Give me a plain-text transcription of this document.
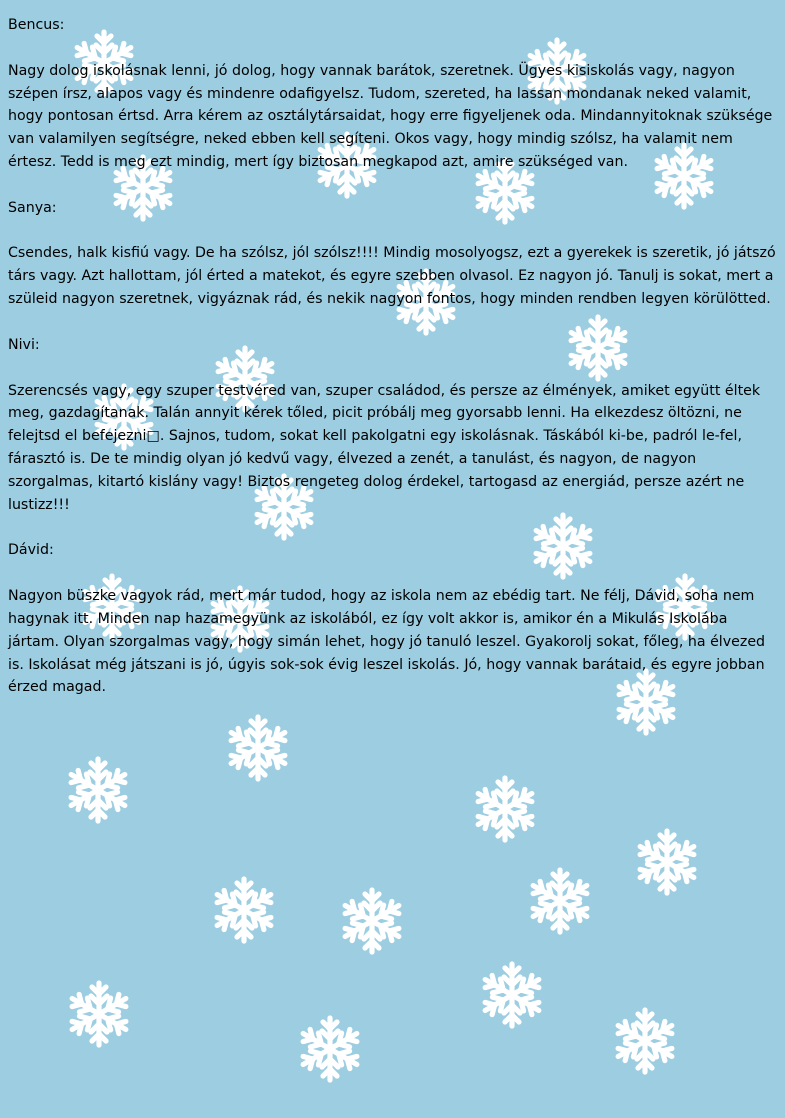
Bencus:

Nagy dolog iskolásnak lenni, jó dolog, hogy vannak barátok, szeretnek. Ügyes kisiskolás vagy, nagyon szépen írsz, alapos vagy és mindenre odafigyelsz. Tudom, szereted, ha lassan mondanak neked valamit, hogy pontosan értsd. Arra kérem az osztálytársaidat, hogy erre figyeljenek oda. Mindannyitoknak szüksége van valamilyen segítségre, neked ebben kell segíteni. Okos vagy, hogy mindig szólsz, ha valamit nem értesz. Tedd is meg ezt mindig, mert így biztosan megkapod azt, amire szükséged van.

Sanya:

Csendes, halk kisfiú vagy. De ha szólsz, jól szólsz!!!! Mindig mosolyogsz, ezt a gyerekek is szeretik, jó játszó társ vagy. Azt hallottam, jól érted a matekot, és egyre szebben olvasol. Ez nagyon jó. Tanulj is sokat, mert a szüleid nagyon szeretnek, vigyáznak rád, és nekik nagyon fontos, hogy minden rendben legyen körülötted.

Nivi:

Szerencsés vagy, egy szuper testvéred van, szuper családod, és persze az élmények, amiket együtt éltek meg, gazdagítanak. Talán annyit kérek tőled, picit próbálj meg gyorsabb lenni. Ha elkezdesz öltözni, ne felejtsd el befejezni□. Sajnos, tudom, sokat kell pakolgatni egy iskolásnak. Táskából ki-be, padról le-fel, fárasztó is. De te mindig olyan jó kedvű vagy, élvezed a zenét, a tanulást, és nagyon, de nagyon szorgalmas, kitartó kislány vagy! Biztos rengeteg dolog érdekel, tartogasd az energiád, persze azért ne lustizz!!!

Dávid:

Nagyon büszke vagyok rád, mert már tudod, hogy az iskola nem az ebédig tart. Ne félj, Dávid, soha nem hagynak itt. Minden nap hazamegyünk az iskolából, ez így volt akkor is, amikor én a Mikulás Iskolába jártam. Olyan szorgalmas vagy, hogy simán lehet, hogy jó tanuló leszel. Gyakorolj sokat, főleg, ha élvezed is. Iskolásat még játszani is jó, úgyis sok-sok évig leszel iskolás. Jó, hogy vannak barátaid, és egyre jobban érzed magad.
